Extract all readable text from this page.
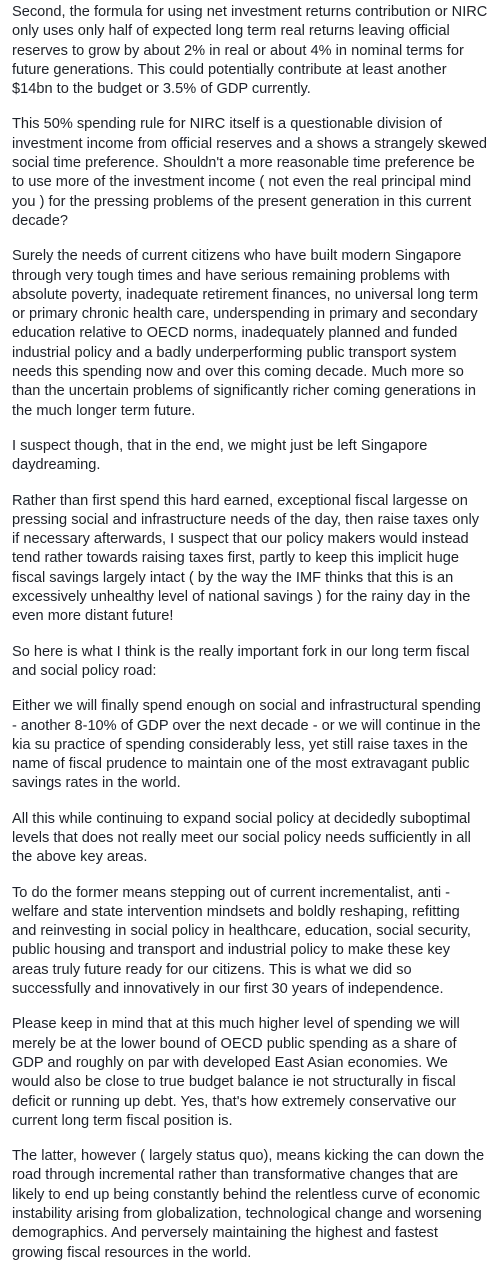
Second, the formula for using net investment returns contribution or NIRC only uses only half of expected long term real returns leaving official reserves to grow by about 2% in real or about 4% in nominal terms for future generations. This could potentially contribute at least another $14bn to the budget or 3.5% of GDP currently.

This 50% spending rule for NIRC itself is a questionable division of investment income from official reserves and a shows a strangely skewed social time preference. Shouldn't a more reasonable time preference be to use more of the investment income ( not even the real principal mind you ) for the pressing problems of the present generation in this current decade?

Surely the needs of current citizens who have built modern Singapore through very tough times and have serious remaining problems with absolute poverty, inadequate retirement finances, no universal long term or primary chronic health care, underspending in primary and secondary education relative to OECD norms, inadequately planned and funded industrial policy and a badly underperforming public transport system needs this spending now and over this coming decade. Much more so than the uncertain problems of significantly richer coming generations in the much longer term future.

I suspect though, that in the end, we might just be left Singapore daydreaming.

Rather than first spend this hard earned, exceptional fiscal largesse on pressing social and infrastructure needs of the day, then raise taxes only if necessary afterwards, I suspect that our policy makers would instead tend rather towards raising taxes first, partly to keep this implicit huge fiscal savings largely intact ( by the way the IMF thinks that this is an excessively unhealthy level of national savings ) for the rainy day in the even more distant future!

So here is what I think is the really important fork in our long term fiscal and social policy road:

Either we will finally spend enough on social and infrastructural spending - another 8-10% of GDP over the next decade - or we will continue in the kia su practice of spending considerably less, yet still raise taxes in the name of fiscal prudence to maintain one of the most extravagant public savings rates in the world.

All this while continuing to expand social policy at decidedly suboptimal levels that does not really meet our social policy needs sufficiently in all the above key areas.

To do the former means stepping out of current incrementalist, anti - welfare and state intervention mindsets and boldly reshaping, refitting and reinvesting in social policy in healthcare, education, social security, public housing and transport and industrial policy to make these key areas truly future ready for our citizens. This is what we did so successfully and innovatively in our first 30 years of independence.

Please keep in mind that at this much higher level of spending we will merely be at the lower bound of OECD public spending as a share of GDP and roughly on par with developed East Asian economies. We would also be close to true budget balance ie not structurally in fiscal deficit or running up debt. Yes, that's how extremely conservative our current long term fiscal position is.

The latter, however ( largely status quo), means kicking the can down the road through incremental rather than transformative changes that are likely to end up being constantly behind the relentless curve of economic instability arising from globalization, technological change and worsening demographics. And perversely maintaining the highest and fastest growing fiscal resources in the world.
